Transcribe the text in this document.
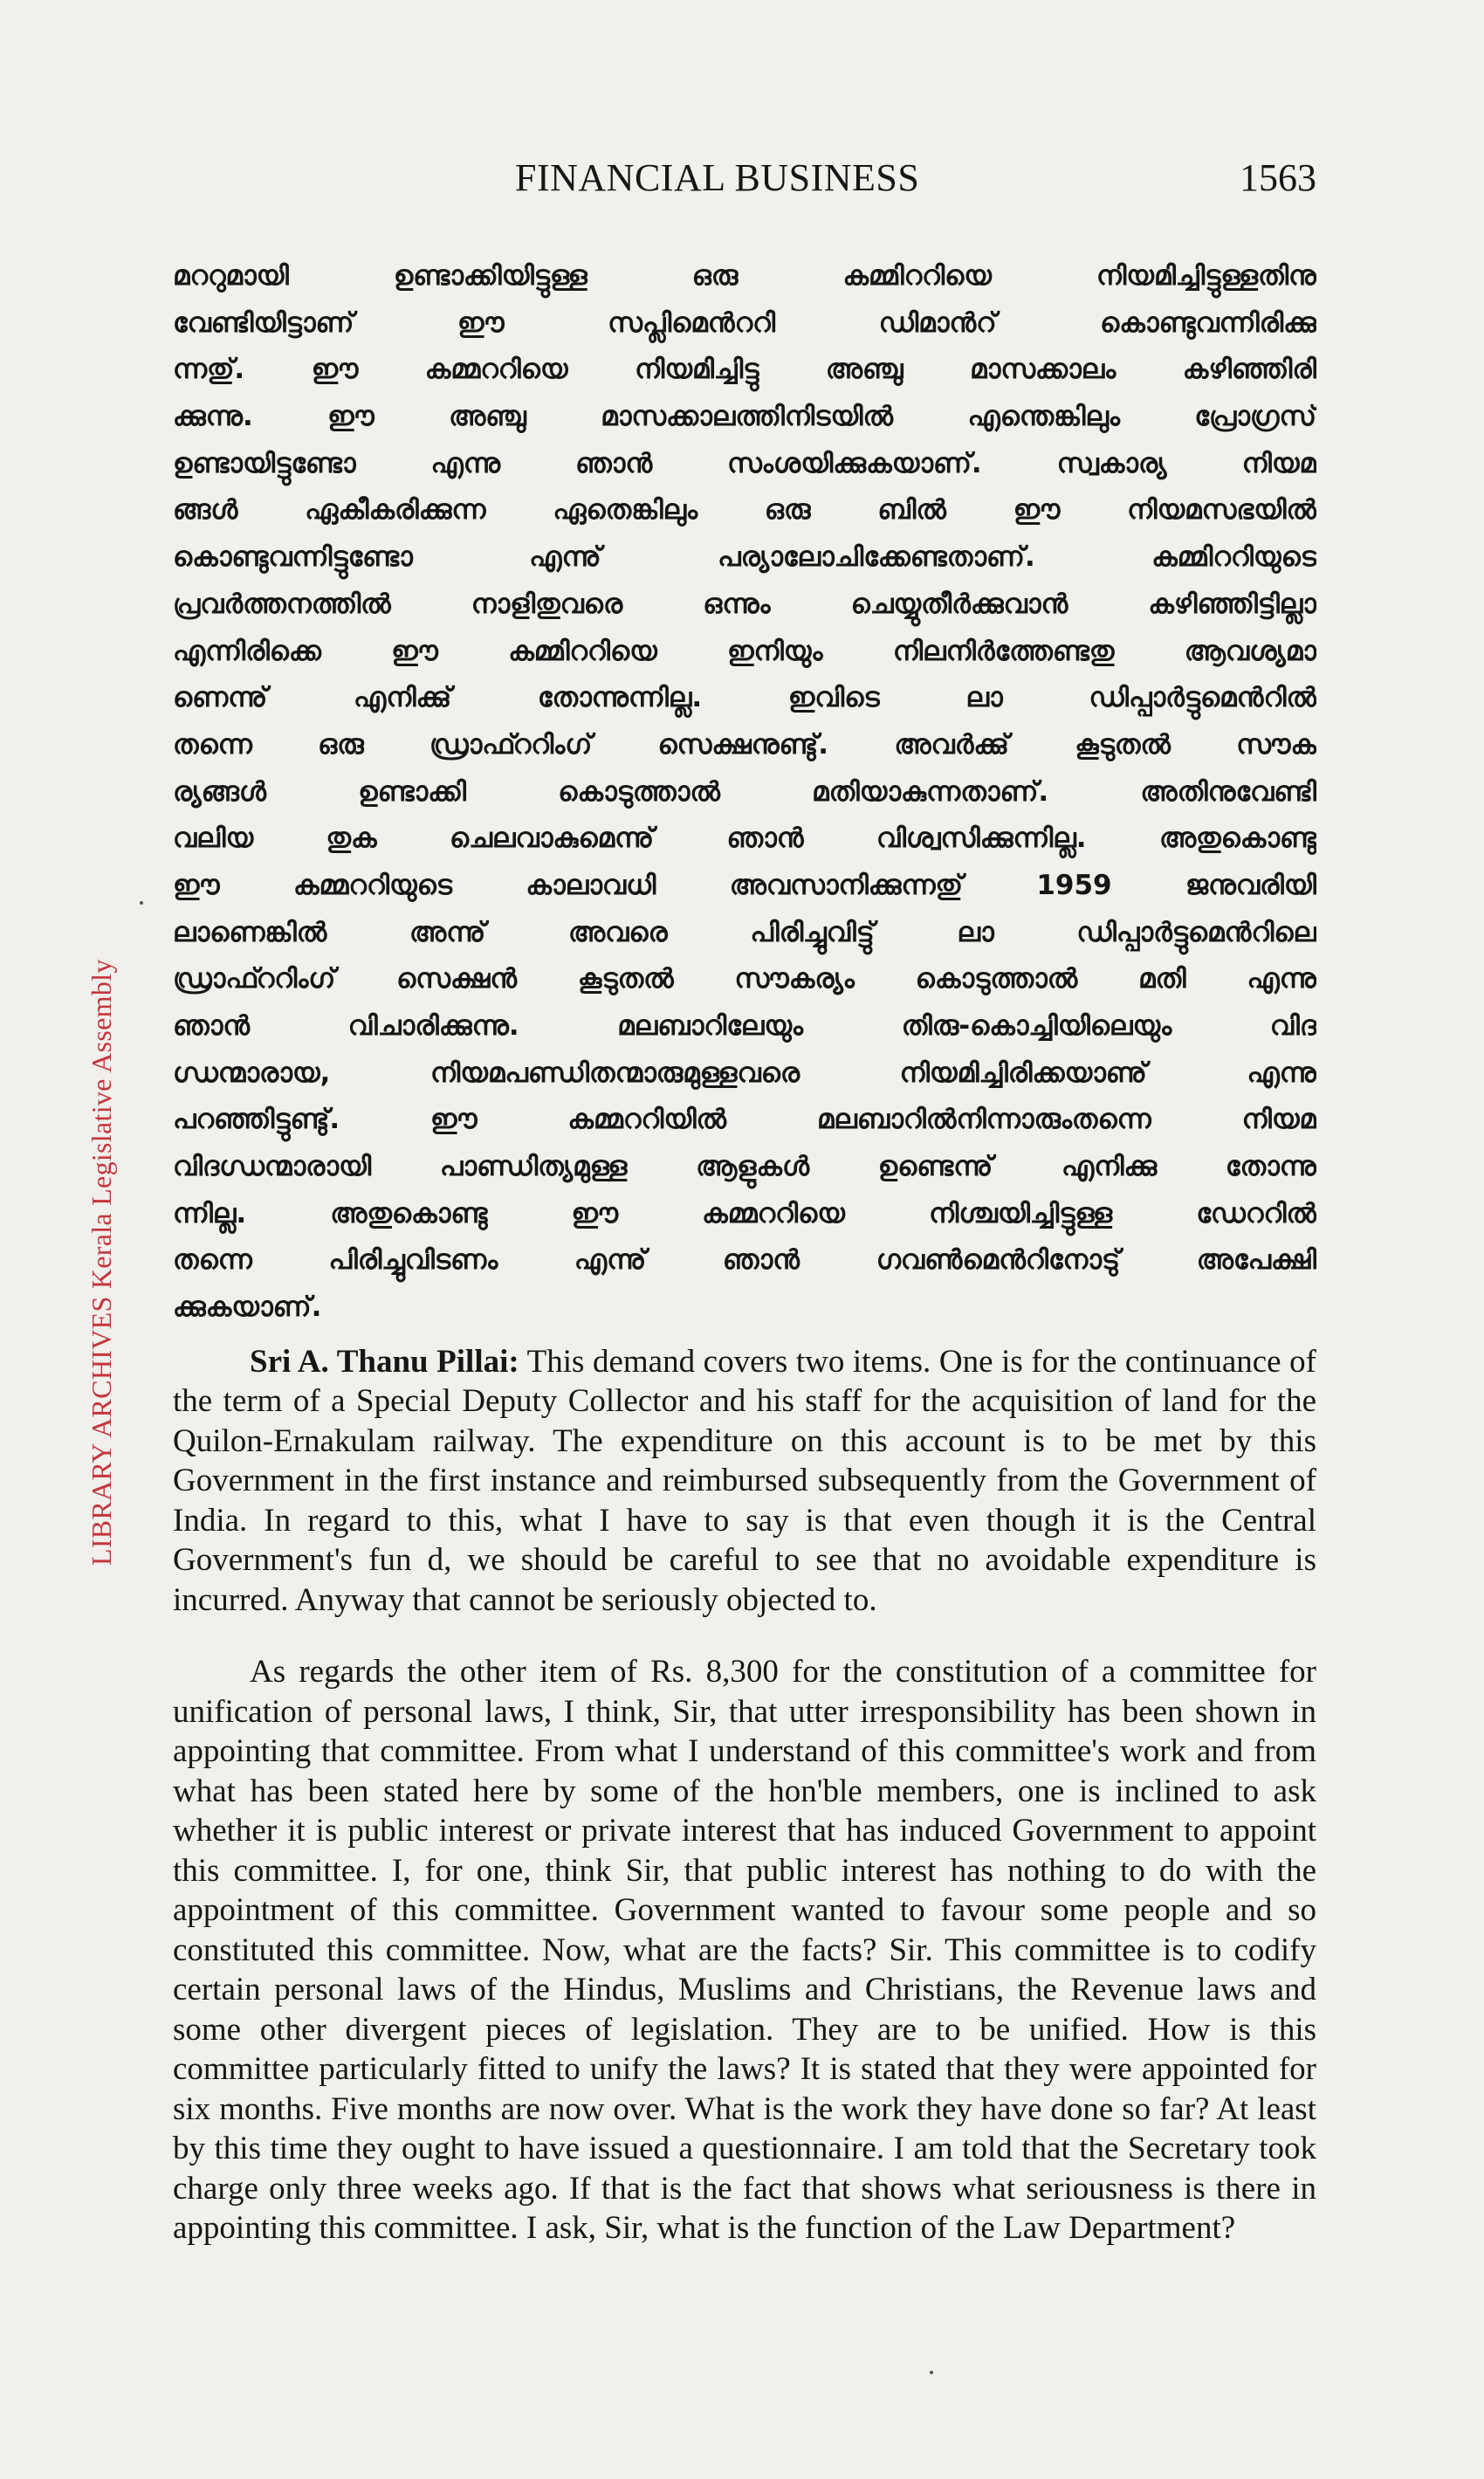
FINANCIAL BUSINESS	1563
LIBRARY ARCHIVES Kerala Legislative Assembly
മററുമായി ഉണ്ടാക്കിയിട്ടുള്ള ഒരു കമ്മിററിയെ നിയമിച്ചിട്ടുള്ളതിനു
വേണ്ടിയിട്ടാണ് ഈ സപ്ലിമെൻററി ഡിമാൻറ് കൊണ്ടുവന്നിരിക്കു
ന്നതു്. ഈ കമ്മററിയെ നിയമിച്ചിട്ടു അഞ്ചു മാസക്കാലം കഴിഞ്ഞിരി
ക്കുന്നു. ഈ അഞ്ചു മാസക്കാലത്തിനിടയിൽ എന്തെങ്കിലും പ്രോഗ്രസ്
ഉണ്ടായിട്ടുണ്ടോ എന്നു ഞാൻ സംശയിക്കുകയാണ്. സ്വകാര്യ നിയമ
ങ്ങൾ ഏകീകരിക്കുന്ന ഏതെങ്കിലും ഒരു ബിൽ ഈ നിയമസഭയിൽ
കൊണ്ടുവന്നിട്ടുണ്ടോ എന്നു് പര്യാലോചിക്കേണ്ടതാണ്. കമ്മിററിയുടെ
പ്രവർത്തനത്തിൽ നാളിതുവരെ ഒന്നും ചെയ്യുതീർക്കുവാൻ കഴിഞ്ഞിട്ടില്ലാ
എന്നിരിക്കെ ഈ കമ്മിററിയെ ഇനിയും നിലനിർത്തേണ്ടതു ആവശ്യമാ
ണെന്നു് എനിക്കു് തോന്നുന്നില്ല. ഇവിടെ ലാ ഡിപ്പാർട്ടുമെൻറിൽ
തന്നെ ഒരു ഡ്രാഫ്ററിംഗ് സെക്ഷനുണ്ടു്. അവർക്കു് കൂടുതൽ സൗക
ര്യങ്ങൾ ഉണ്ടാക്കി കൊടുത്താൽ മതിയാകുന്നതാണ്. അതിനുവേണ്ടി
വലിയ തുക ചെലവാകുമെന്നു് ഞാൻ വിശ്വസിക്കുന്നില്ല. അതുകൊണ്ടു
ഈ കമ്മററിയുടെ കാലാവധി അവസാനിക്കുന്നതു് 1959 ജനുവരിയി
ലാണെങ്കിൽ അന്നു് അവരെ പിരിച്ചുവിട്ടു് ലാ ഡിപ്പാർട്ടുമെൻറിലെ
ഡ്രാഫ്ററിംഗ് സെക്ഷൻ കൂടുതൽ സൗകര്യം കൊടുത്താൽ മതി എന്നു
ഞാൻ വിചാരിക്കുന്നു. മലബാറിലേയും തിരു-കൊച്ചിയിലെയും വിദ
ഗ്ധന്മാരായ, നിയമപണ്ഡിതന്മാരുമുള്ളവരെ നിയമിച്ചിരിക്കയാണു് എന്നു
പറഞ്ഞിട്ടുണ്ടു്. ഈ കമ്മററിയിൽ മലബാറിൽനിന്നാരുംതന്നെ നിയമ
വിദഗ്ധന്മാരായി പാണ്ഡിത്യമുള്ള ആളുകൾ ഉണ്ടെന്നു് എനിക്കു തോന്നു
ന്നില്ല. അതുകൊണ്ടു ഈ കമ്മററിയെ നിശ്ചയിച്ചിട്ടുള്ള ഡേററിൽ
തന്നെ പിരിച്ചുവിടണം എന്നു് ഞാൻ ഗവൺമെൻറിനോടു് അപേക്ഷി
ക്കുകയാണ്.

Sri A. Thanu Pillai: This demand covers two items. One is for the continuance of the term of a Special Deputy Collector and his staff for the acquisition of land for the Quilon-Ernakulam railway. The expenditure on this account is to be met by this Government in the first instance and reimbursed subsequently from the Government of India. In regard to this, what I have to say is that even though it is the Central Government's fun d, we should be careful to see that no avoidable expenditure is incurred. Anyway that cannot be seriously objected to.

As regards the other item of Rs. 8,300 for the constitution of a committee for unification of personal laws, I think, Sir, that utter irresponsibility has been shown in appointing that committee. From what I understand of this committee's work and from what has been stated here by some of the hon'ble members, one is inclined to ask whether it is public interest or private interest that has induced Government to appoint this committee. I, for one, think Sir, that public interest has nothing to do with the appointment of this committee. Government wanted to favour some people and so constituted this committee. Now, what are the facts? Sir. This committee is to codify certain personal laws of the Hindus, Muslims and Christians, the Revenue laws and some other divergent pieces of legislation. They are to be unified. How is this committee particularly fitted to unify the laws? It is stated that they were appointed for six months. Five months are now over. What is the work they have done so far? At least by this time they ought to have issued a questionnaire. I am told that the Secretary took charge only three weeks ago. If that is the fact that shows what seriousness is there in appointing this committee. I ask, Sir, what is the function of the Law Department?
